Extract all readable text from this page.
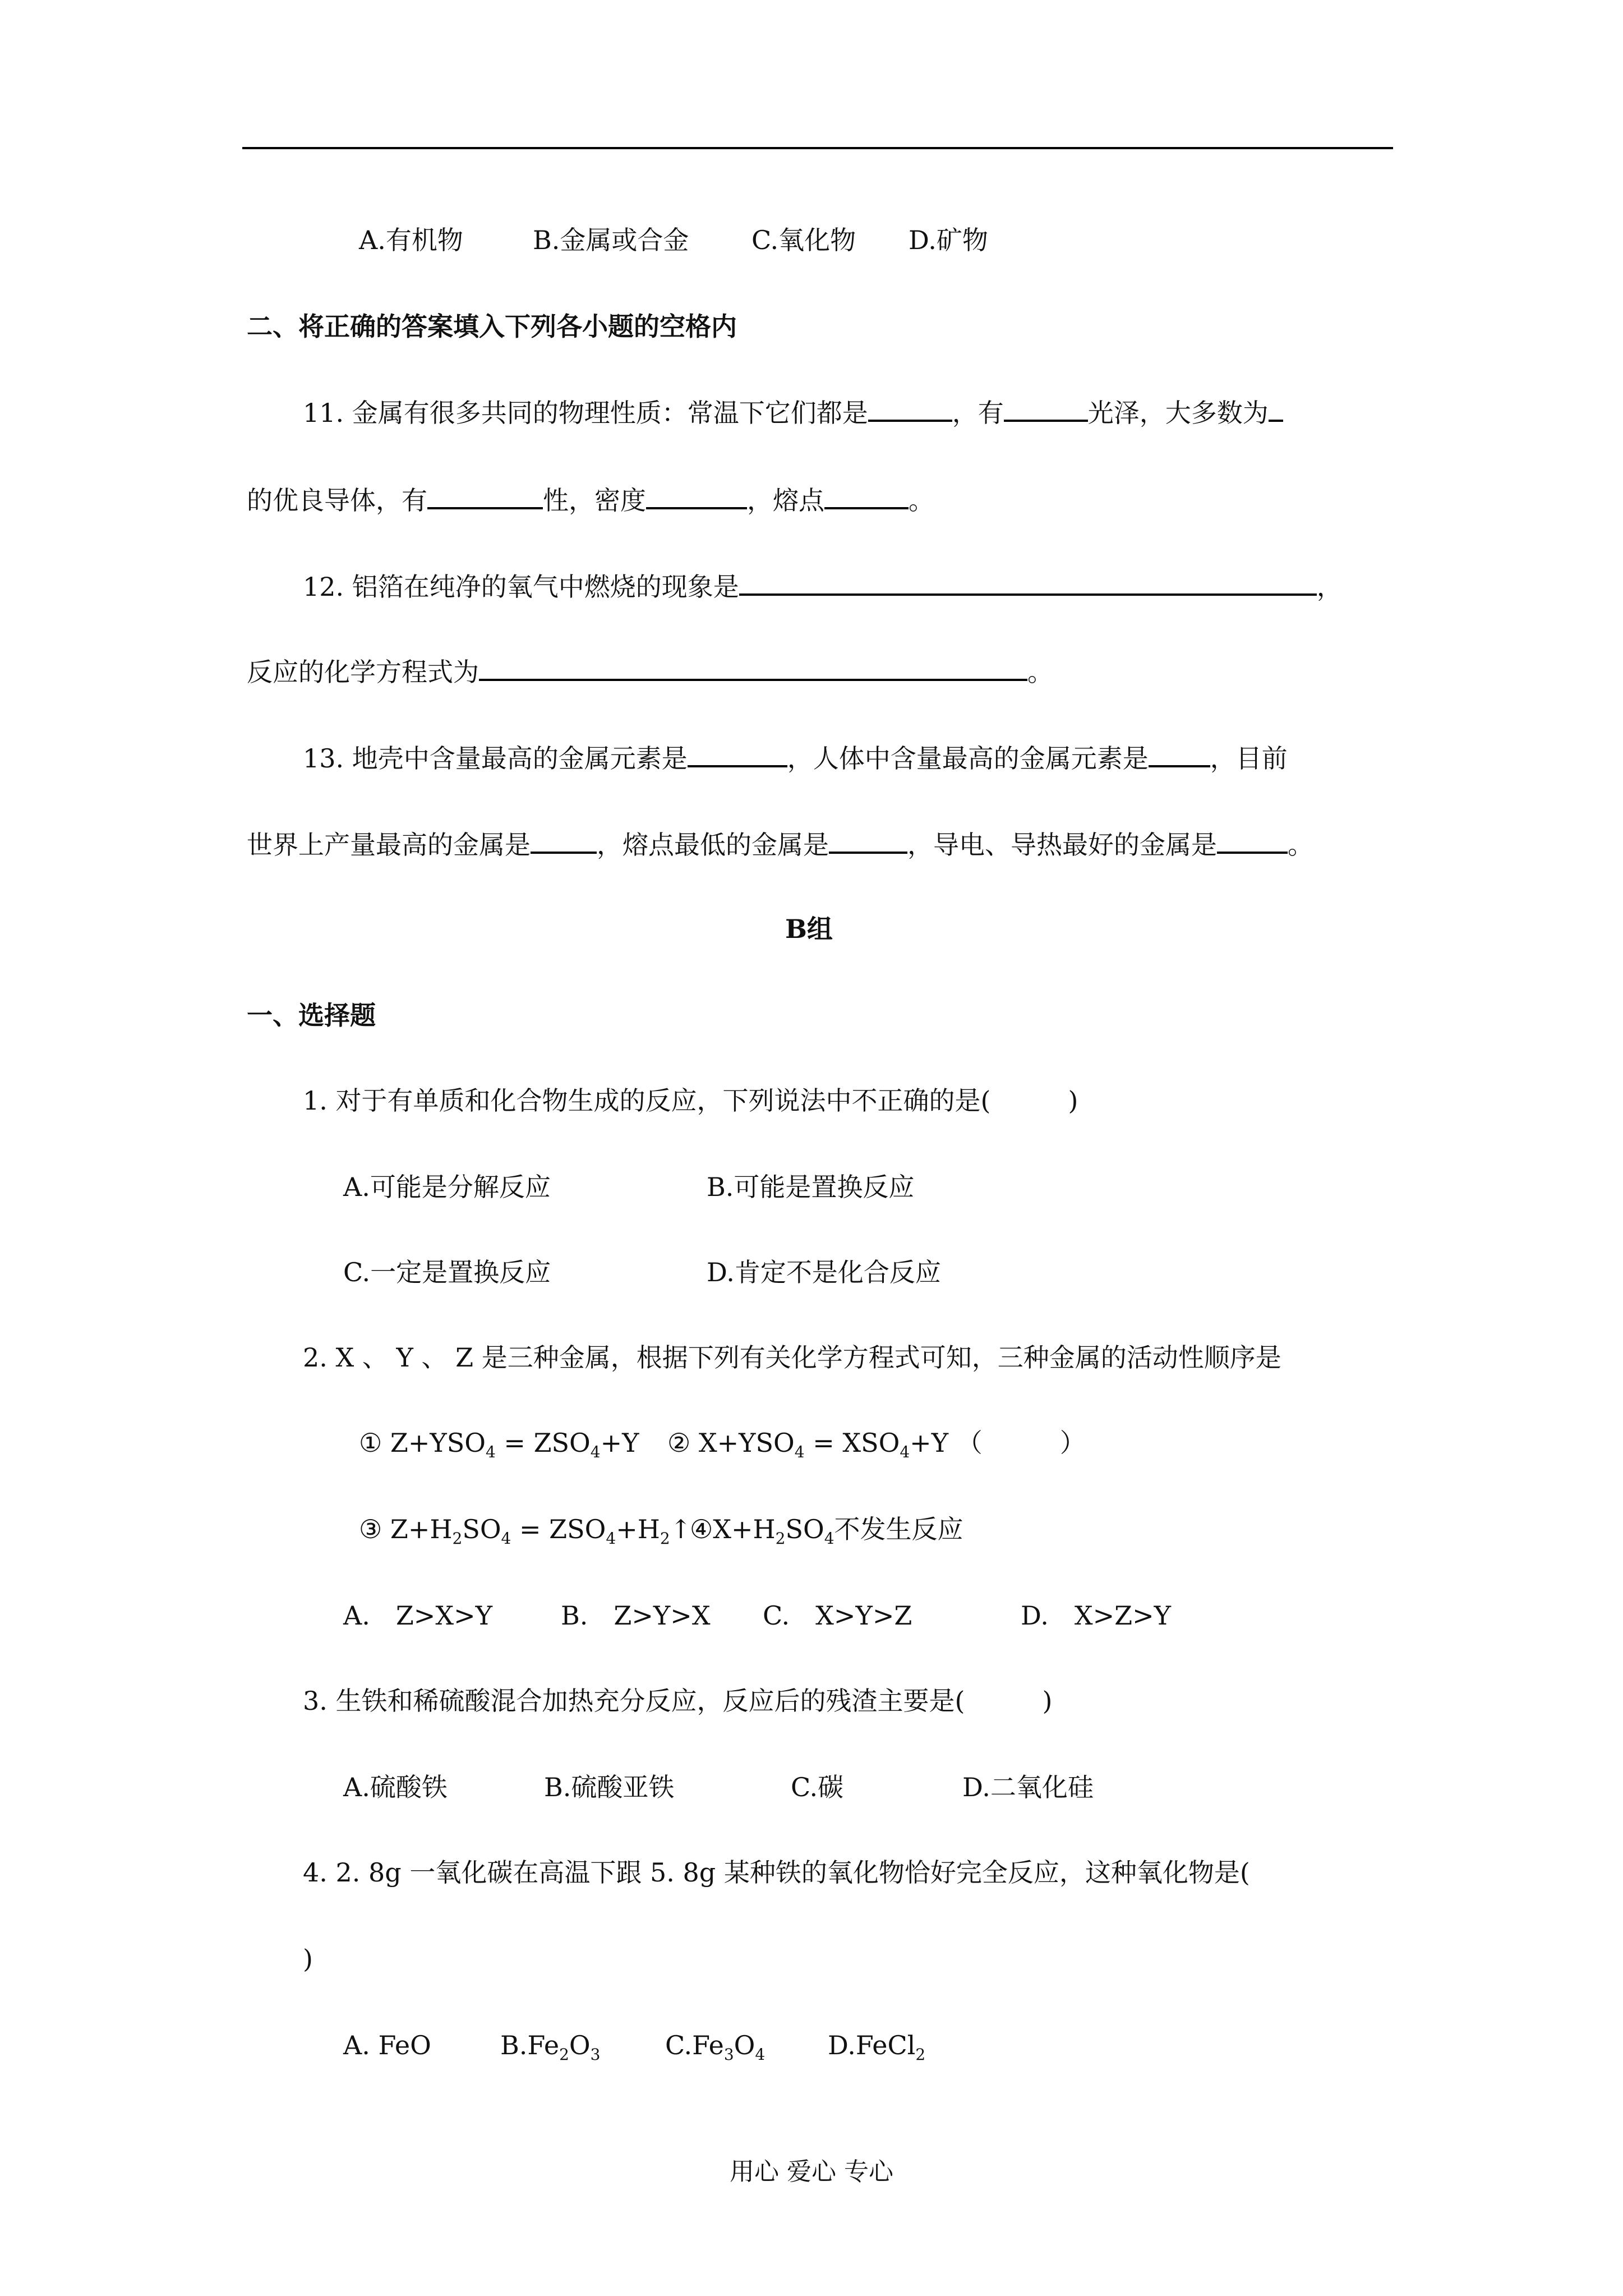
A.有机物	B.金属或合金 C.氧化物 D.矿物
二、将正确的答案填入下列各小题的空格内
11. 金属有很多共同的物理性质：常温下它们都是	，有	光泽，大多数为
的优良导体，有	性，密度	，熔点	。
12. 铝箔在纯净的氧气中燃烧的现象是	，
反应的化学方程式为	。
13. 地壳中含量最高的金属元素是	，人体中含量最高的金属元素是 ，目前
世界上产量最高的金属是	，熔点最低的金属是	，导电、导热最好的金属是	。
B组
一、选择题
1. 对于有单质和化合物生成的反应，下列说法中不正确的是(　　　)
A.可能是分解反应	B.可能是置换反应
C.一定是置换反应	D.肯定不是化合反应
2. X 、 Y 、 Z 是三种金属，根据下列有关化学方程式可知，三种金属的活动性顺序是
① $Z+YSO_4 = ZSO_4+Y$ ② $X+YSO_4 = XSO_4+Y$ （　　　）
③ $Z+H_2SO_4$ = $ZSO_4+H_2↑$
$④X+H_2SO_4$不发生反应
A.　Z>X>Y	B.　Z>Y>X C.　X>Y>Z	D.　X>Z>Y
3. 生铁和稀硫酸混合加热充分反应，反应后的残渣主要是(　　　)
A.硫酸铁	B.硫酸亚铁	C.碳	D.二氧化硅
4. 2. 8g 一氧化碳在高温下跟 5. 8g 某种铁的氧化物恰好完全反应，这种氧化物是(
)
A. FeO	$B.Fe_2O_3$	$C.Fe_3O_4$ D.FeCl$_2$
用心 爱心 专心
